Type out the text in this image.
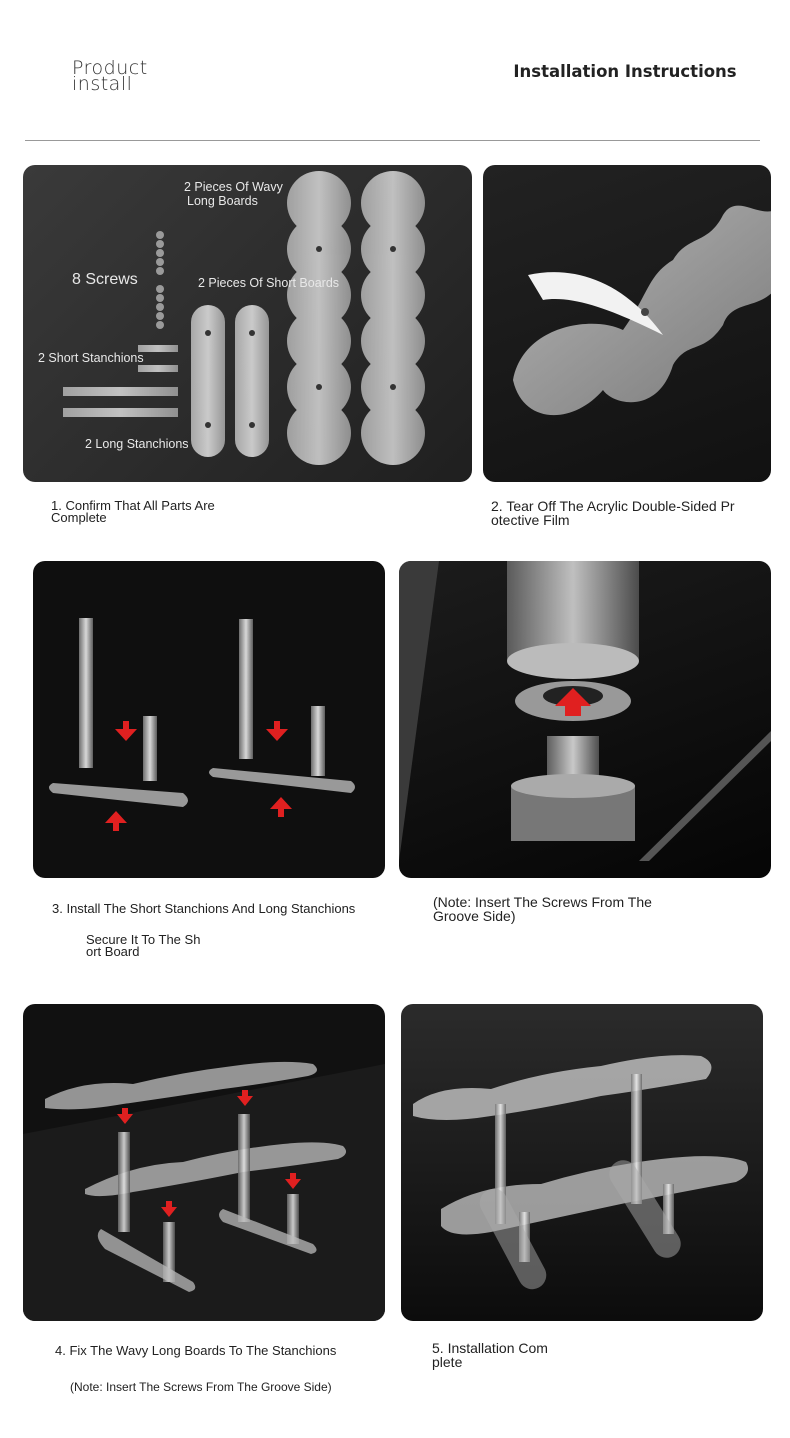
Product
install
Installation Instructions
2 Pieces Of Wavy
Long Boards
8 Screws	2 Pieces Of Short Boards
2 Short Stanchions
2 Long Stanchions
1. Confirm That All Parts Are
Complete
2. Tear Off The Acrylic Double-Sided Pr
otective Film
3. Install The Short Stanchions And Long Stanchions
Secure It To The Sh
ort Board
(Note: Insert The Screws From The
Groove Side)
4. Fix The Wavy Long Boards To The Stanchions
(Note: Insert The Screws From The Groove Side)
5. Installation Com
plete
